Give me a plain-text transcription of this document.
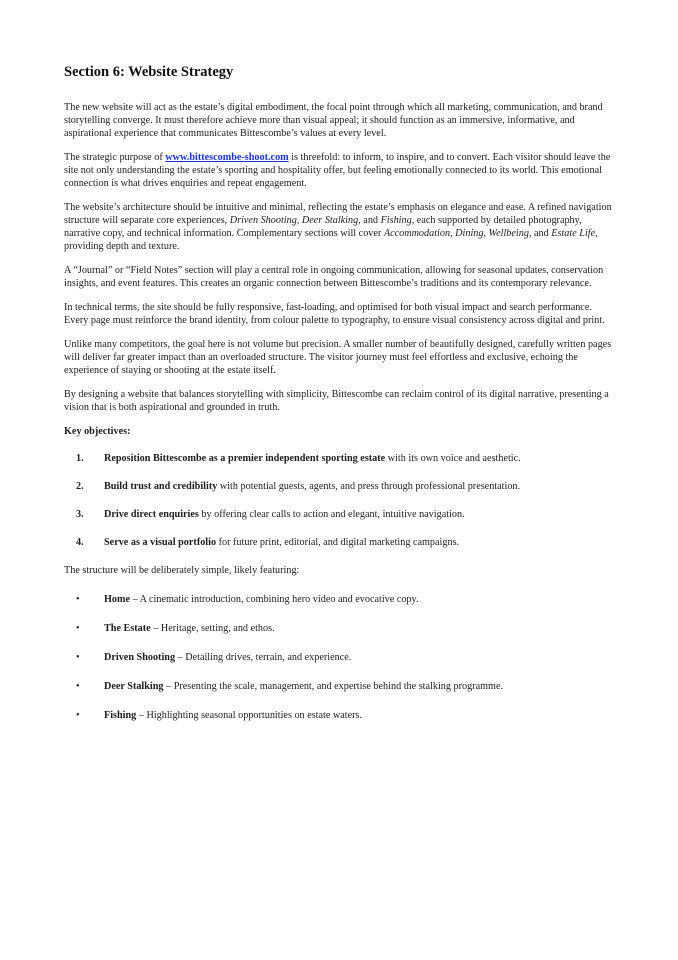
Section 6: Website Strategy

The new website will act as the estate’s digital embodiment, the focal point through which all marketing, communication, and brand storytelling converge. It must therefore achieve more than visual appeal; it should function as an immersive, informative, and aspirational experience that communicates Bittescombe’s values at every level.

The strategic purpose of www.bittescombe-shoot.com is threefold: to inform, to inspire, and to convert. Each visitor should leave the site not only understanding the estate’s sporting and hospitality offer, but feeling emotionally connected to its world. This emotional connection is what drives enquiries and repeat engagement.

The website’s architecture should be intuitive and minimal, reflecting the estate’s emphasis on elegance and ease. A refined navigation structure will separate core experiences, Driven Shooting, Deer Stalking, and Fishing, each supported by detailed photography, narrative copy, and technical information. Complementary sections will cover Accommodation, Dining, Wellbeing, and Estate Life, providing depth and texture.

A “Journal” or “Field Notes” section will play a central role in ongoing communication, allowing for seasonal updates, conservation insights, and event features. This creates an organic connection between Bittescombe’s traditions and its contemporary relevance.

In technical terms, the site should be fully responsive, fast-loading, and optimised for both visual impact and search performance. Every page must reinforce the brand identity, from colour palette to typography, to ensure visual consistency across digital and print.

Unlike many competitors, the goal here is not volume but precision. A smaller number of beautifully designed, carefully written pages will deliver far greater impact than an overloaded structure. The visitor journey must feel effortless and exclusive, echoing the experience of staying or shooting at the estate itself.

By designing a website that balances storytelling with simplicity, Bittescombe can reclaim control of its digital narrative, presenting a vision that is both aspirational and grounded in truth.

Key objectives:

1.	Reposition Bittescombe as a premier independent sporting estate with its own voice and aesthetic.
2.	Build trust and credibility with potential guests, agents, and press through professional presentation.
3.	Drive direct enquiries by offering clear calls to action and elegant, intuitive navigation.
4.	Serve as a visual portfolio for future print, editorial, and digital marketing campaigns.

The structure will be deliberately simple, likely featuring:

•	Home – A cinematic introduction, combining hero video and evocative copy.
•	The Estate – Heritage, setting, and ethos.
•	Driven Shooting – Detailing drives, terrain, and experience.
•	Deer Stalking – Presenting the scale, management, and expertise behind the stalking programme.
•	Fishing – Highlighting seasonal opportunities on estate waters.
